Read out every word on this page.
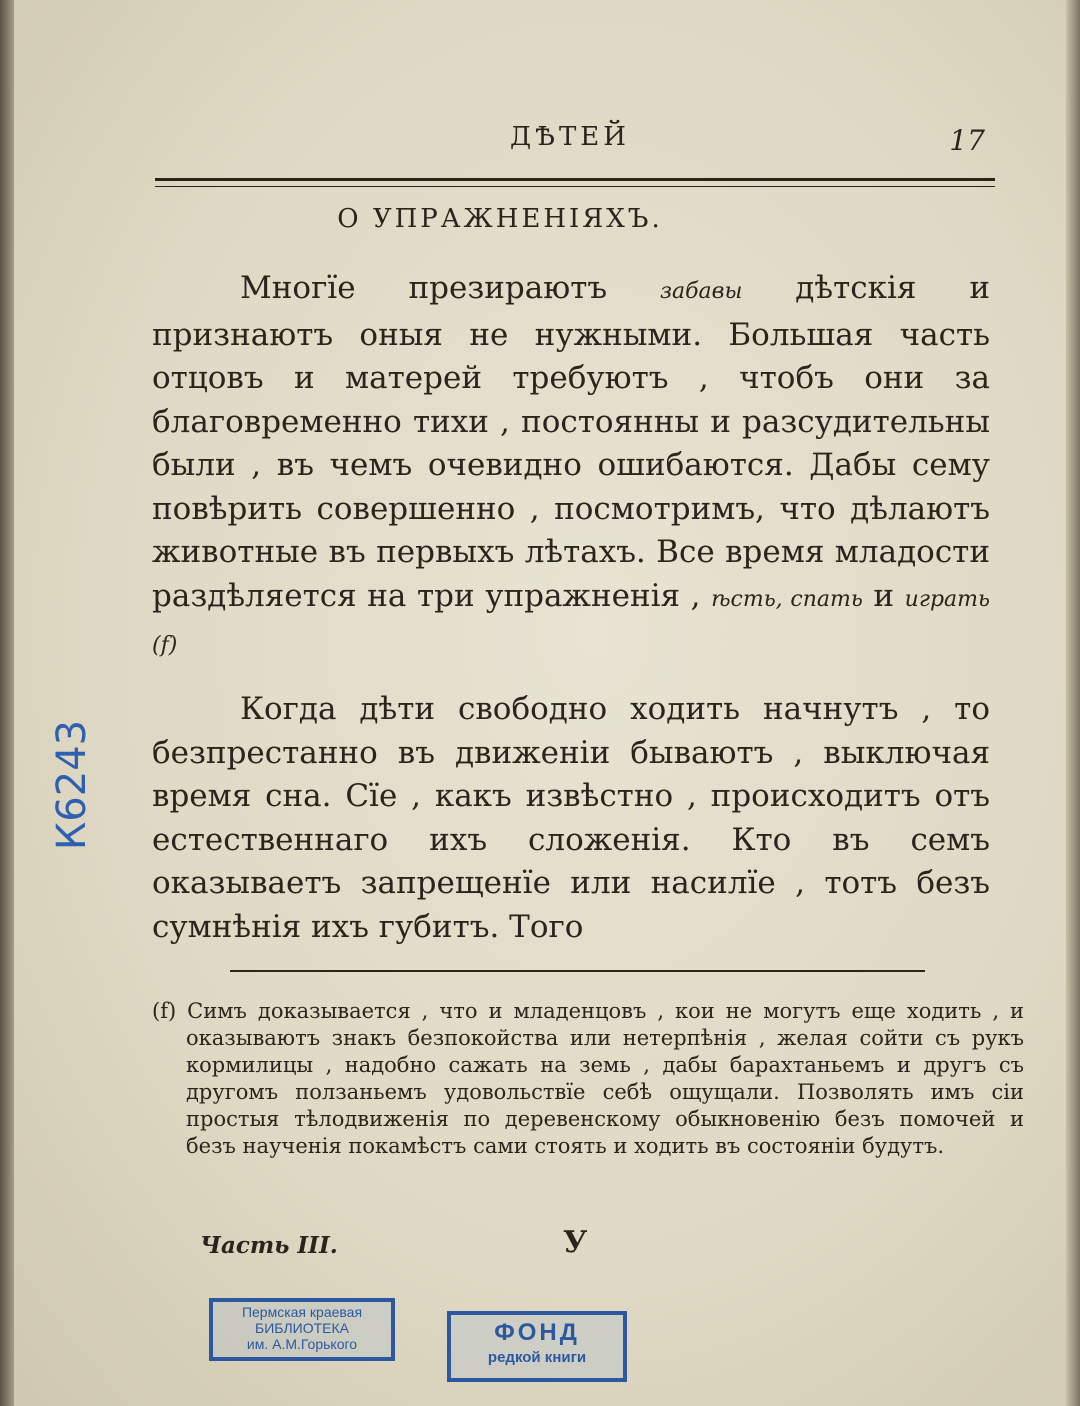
ДѢТЕЙ	17
О УПРАЖНЕНІЯХЪ.

Многїе презираютъ забавы дѣтскія и признаютъ оныя не нужными. Большая часть отцовъ и матерей требуютъ , чтобъ они за благовременно тихи , постоянны и разсудительны были , въ чемъ очевидно ошибаются. Дабы сему повѣрить совершенно , посмотримъ, что дѣлаютъ животные въ первыхъ лѣтахъ. Все время младости раздѣляется на три упражненія , ѣсть, спать и играть (f)

Когда дѣти свободно ходить начнутъ , то безпрестанно въ движеніи бываютъ , выключая время сна. Сїе , какъ извѣстно , происходитъ отъ естественнаго ихъ сложенія. Кто въ семъ оказываетъ запрещенїе или насилїе , тотъ безъ сумнѣнія ихъ губитъ. Того

(f) Симъ доказывается , что и младенцовъ , кои не могутъ еще ходить , и оказываютъ знакъ безпокойства или нетерпѣнія , желая сойти съ рукъ кормилицы , надобно сажать на земь , дабы барахтаньемъ и другъ съ другомъ ползаньемъ удовольствїе себѣ ощущали. Позволять имъ сіи простыя тѣлодвиженія по деревенскому обыкновенію безъ помочей и безъ наученія покамѣстъ сами стоять и ходить въ состояніи будутъ.

Часть III.	У
Пермская краевая
БИБЛИОТЕКА
им. А.М.Горького	ФОНД
редкой книги
К6243
